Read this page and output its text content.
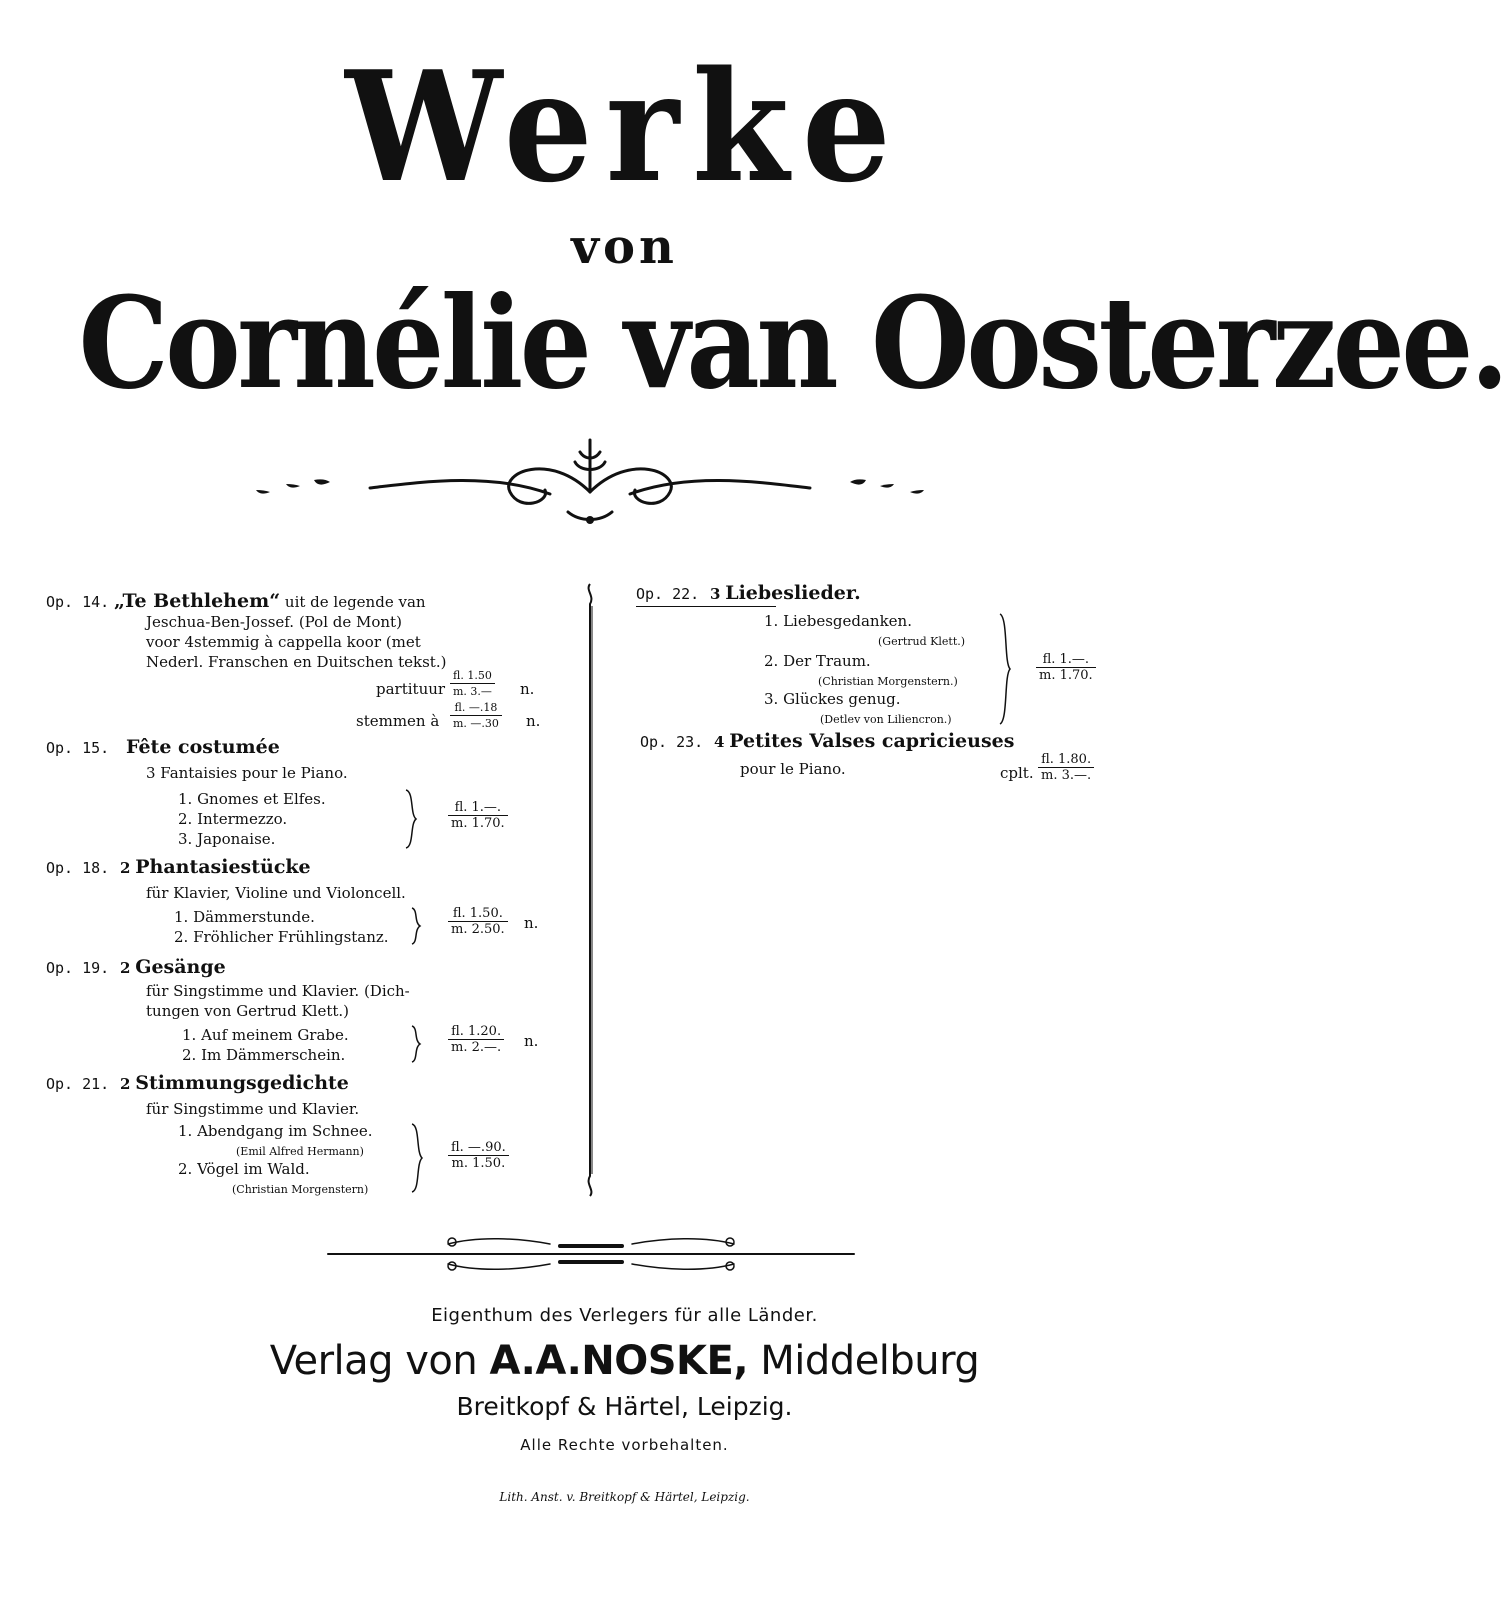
Werke
von
Cornélie van Oosterzee.
Op. 14. „Te Bethlehem“ uit de legende van
Jeschua-Ben-Jossef. (Pol de Mont)
voor 4stemmig à cappella koor (met
Nederl. Franschen en Duitschen tekst.)
partituur $\frac{fl. 1.50}{m. 3.—} n$.
stemmen à $\frac{fl. —.18}{m. —.30} n$.
Op. 15. Fête costumée
3 Fantaisies pour le Piano.
1. Gnomes et Elfes.
2. Intermezzo.
3. Japonaise.
$\frac{fl. 1.—.}{m. 1.70.}$
Op. 18. 2 Phantasiestücke
für Klavier, Violine und Violoncell.
1. Dämmerstunde.
2. Fröhlicher Frühlingstanz.	$\frac{fl. 1.50.}{m. 2.50.} n$.
Op. 19. 2 Gesänge
für Singstimme und Klavier. (Dich-
tungen von Gertrud Klett.)
1. Auf meinem Grabe.
2. Im Dämmerschein.	$\frac{fl. 1.20.}{m. 2.—.} n$.
Op. 21. 2 Stimmungsgedichte
für Singstimme und Klavier.
1. Abendgang im Schnee.
(Emil Alfred Hermann)
2. Vögel im Wald.
(Christian Morgenstern)
$\frac{fl. —.90.}{m. 1.50.}$
Op. 22. 3 Liebeslieder.
1. Liebesgedanken.
(Gertrud Klett.)
2. Der Traum.
(Christian Morgenstern.)
3. Glückes genug.
(Detlev von Liliencron.)
$\frac{fl. 1.—.}{m. 1.70.}$
Op. 23. 4 Petites Valses capricieuses
pour le Piano.	cplt. $\frac{fl. 1.80.}{m. 3.—.}$
Eigenthum des Verlegers für alle Länder.
Verlag von A.A.NOSKE, Middelburg
Breitkopf & Härtel, Leipzig.
Alle Rechte vorbehalten.
Lith. Anst. v. Breitkopf & Härtel, Leipzig.
